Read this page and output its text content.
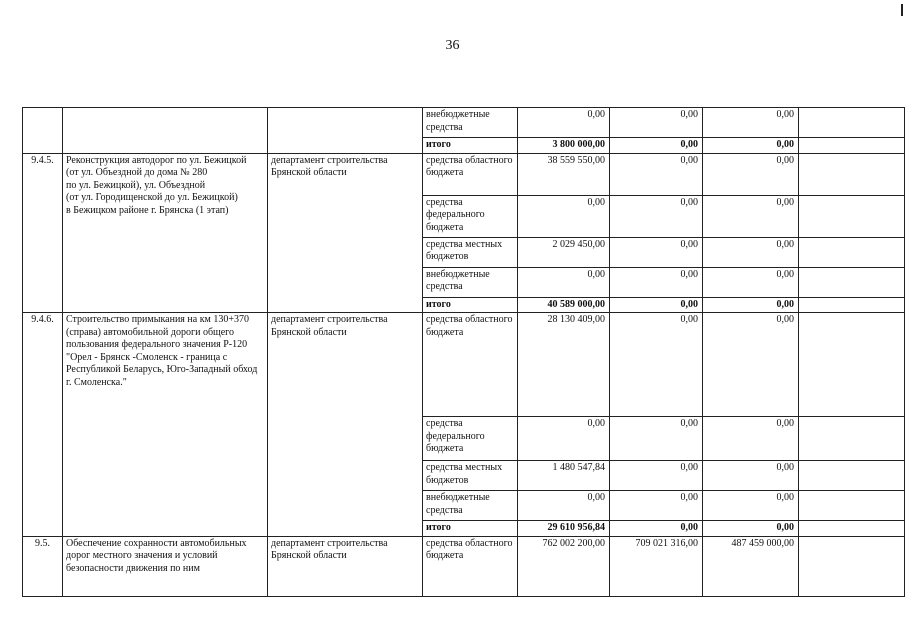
36
			внебюджетные средства	0,00	0,00	0,00	
			итого	3 800 000,00	0,00	0,00	
9.4.5.	Реконструкция автодорог по ул. Бежицкой
(от ул. Объездной до дома № 280
по ул. Бежицкой), ул. Объездной
(от ул. Городищенской до ул. Бежицкой)
в Бежицком районе г. Брянска (1 этап)	департамент строительства Брянской области	средства областного бюджета	38 559 550,00	0,00	0,00	
			средства федерального бюджета	0,00	0,00	0,00	
			средства местных бюджетов	2 029 450,00	0,00	0,00	
			внебюджетные средства	0,00	0,00	0,00	
			итого	40 589 000,00	0,00	0,00	
9.4.6.	Строительство примыкания на км 130+370 (справа) автомобильной дороги общего пользования федерального значения Р-120 "Орел - Брянск -Смоленск - граница с Республикой Беларусь, Юго-Западный обход г. Смоленска."	департамент строительства Брянской области	средства областного бюджета	28 130 409,00	0,00	0,00	
			средства федерального бюджета	0,00	0,00	0,00	
			средства местных бюджетов	1 480 547,84	0,00	0,00	
			внебюджетные средства	0,00	0,00	0,00	
			итого	29 610 956,84	0,00	0,00	
9.5.	Обеспечение сохранности автомобильных дорог местного значения и условий безопасности движения по ним	департамент строительства Брянской области	средства областного бюджета	762 002 200,00	709 021 316,00	487 459 000,00	
